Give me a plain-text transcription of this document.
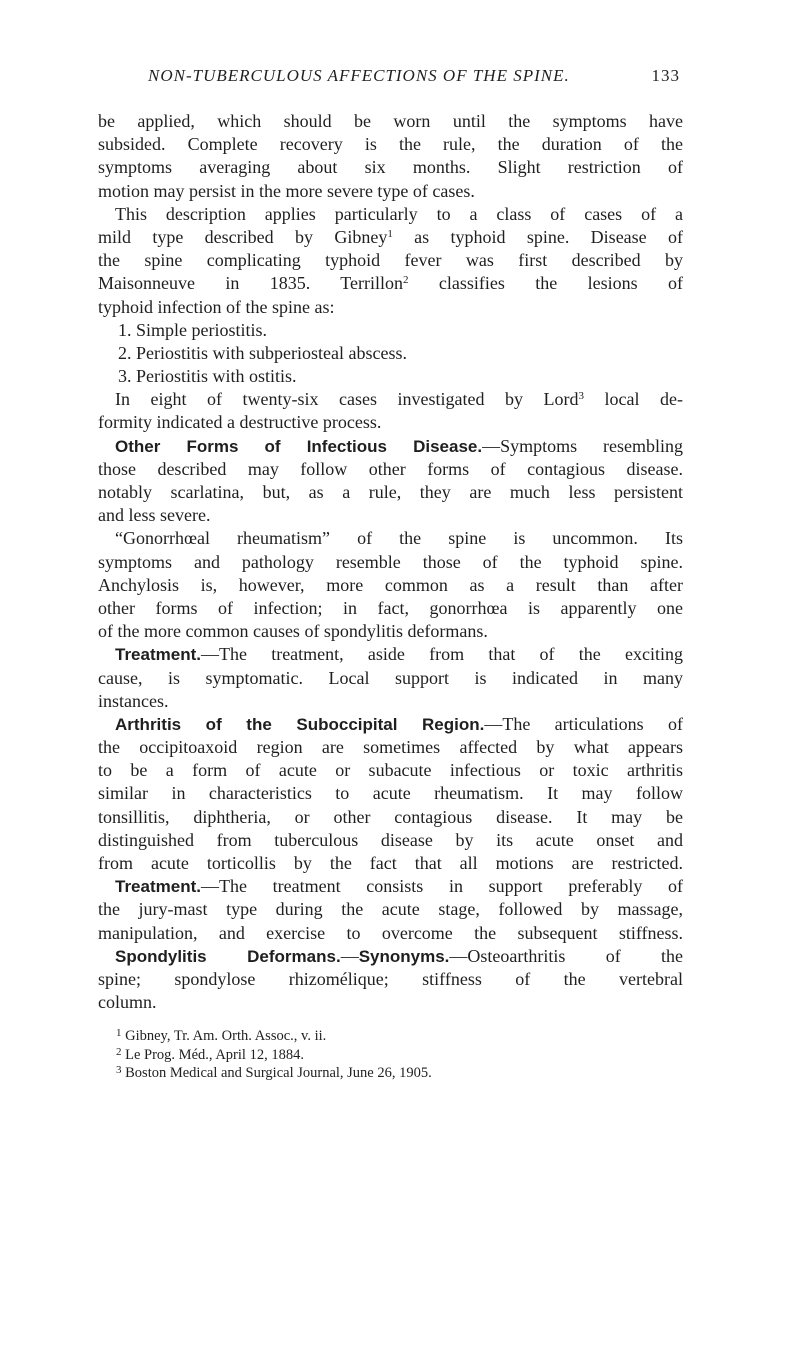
NON-TUBERCULOUS AFFECTIONS OF THE SPINE.	133
be applied, which should be worn until the symptoms have
subsided. Complete recovery is the rule, the duration of the
symptoms averaging about six months. Slight restriction of
motion may persist in the more severe type of cases.
This description applies particularly to a class of cases of a
mild type described by Gibney$^1$ as typhoid spine. Disease of
the spine complicating typhoid fever was first described by
Maisonneuve in 1835. Terrillon$^2$ classifies the lesions of
typhoid infection of the spine as:
1. Simple periostitis.
2. Periostitis with subperiosteal abscess.
3. Periostitis with ostitis.
In eight of twenty-six cases investigated by Lord$^3$ local de-
formity indicated a destructive process.
Other Forms of Infectious Disease.—Symptoms resembling
those described may follow other forms of contagious disease.
notably scarlatina, but, as a rule, they are much less persistent
and less severe.
“Gonorrhœal rheumatism” of the spine is uncommon. Its
symptoms and pathology resemble those of the typhoid spine.
Anchylosis is, however, more common as a result than after
other forms of infection; in fact, gonorrhœa is apparently one
of the more common causes of spondylitis deformans.
Treatment.—The treatment, aside from that of the exciting
cause, is symptomatic. Local support is indicated in many
instances.
Arthritis of the Suboccipital Region.—The articulations of
the occipitoaxoid region are sometimes affected by what appears
to be a form of acute or subacute infectious or toxic arthritis
similar in characteristics to acute rheumatism. It may follow
tonsillitis, diphtheria, or other contagious disease. It may be
distinguished from tuberculous disease by its acute onset and
from acute torticollis by the fact that all motions are restricted.
Treatment.—The treatment consists in support preferably of
the jury-mast type during the acute stage, followed by massage,
manipulation, and exercise to overcome the subsequent stiffness.
Spondylitis Deformans.—Synonyms.—Osteoarthritis of the
spine; spondylose rhizomélique; stiffness of the vertebral
column.
$^1$ Gibney, Tr. Am. Orth. Assoc., v. ii.
$^2$ Le Prog. Méd., April 12, 1884.
$^3$ Boston Medical and Surgical Journal, June 26, 1905.
